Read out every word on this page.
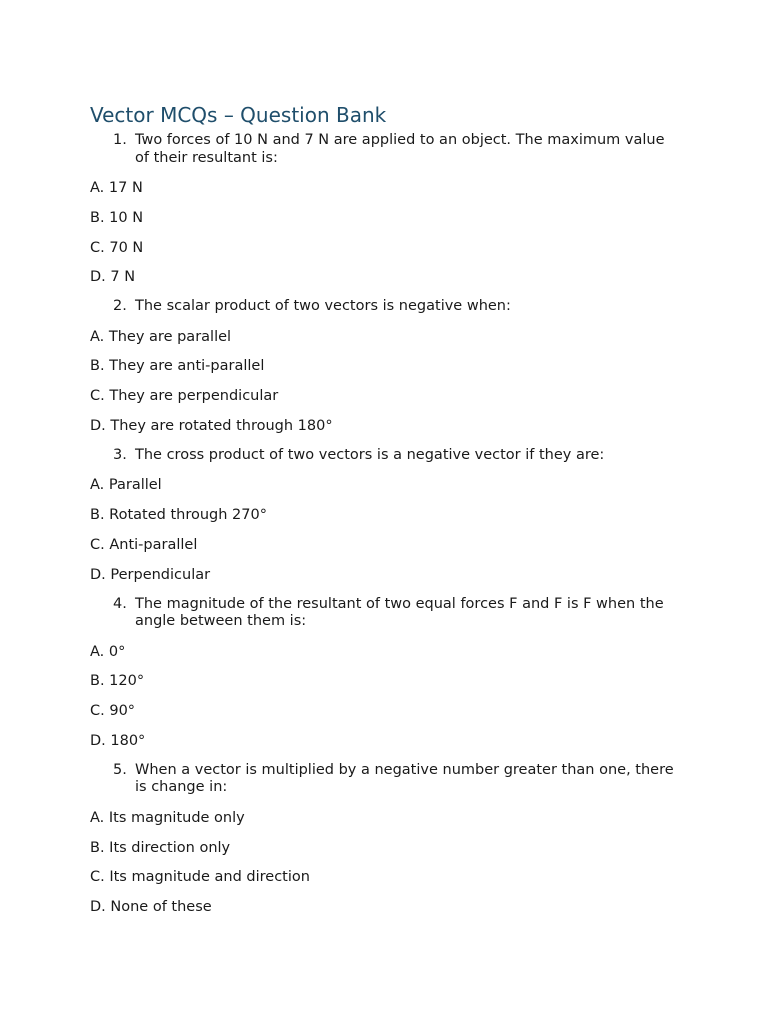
Vector MCQs – Question Bank
1. Two forces of 10 N and 7 N are applied to an object. The maximum value of their resultant is:
A. 17 N
B. 10 N
C. 70 N
D. 7 N
2. The scalar product of two vectors is negative when:
A. They are parallel
B. They are anti-parallel
C. They are perpendicular
D. They are rotated through 180°
3. The cross product of two vectors is a negative vector if they are:
A. Parallel
B. Rotated through 270°
C. Anti-parallel
D. Perpendicular
4. The magnitude of the resultant of two equal forces F and F is F when the angle between them is:
A. 0°
B. 120°
C. 90°
D. 180°
5. When a vector is multiplied by a negative number greater than one, there is change in:
A. Its magnitude only
B. Its direction only
C. Its magnitude and direction
D. None of these
